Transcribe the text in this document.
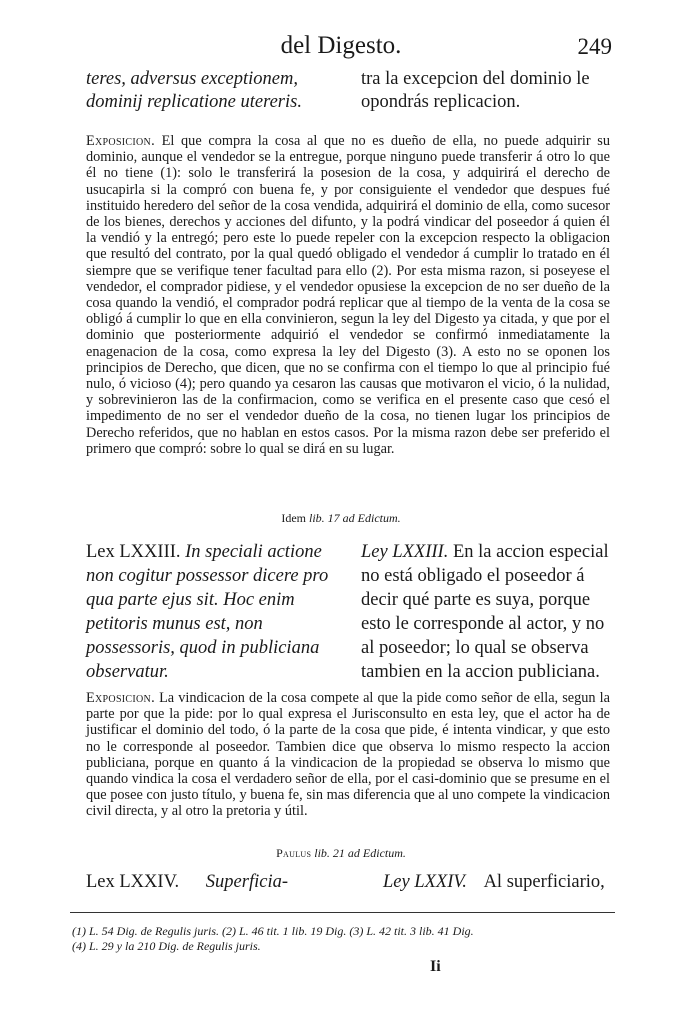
del Digesto.	249
teres, adversus exceptionem, dominij replicatione utereris.
tra la excepcion del dominio le opondrás replicacion.
Exposicion. El que compra la cosa al que no es dueño de ella, no puede adquirir su dominio, aunque el vendedor se la entregue, porque ninguno puede transferir á otro lo que él no tiene (1): solo le transferirá la posesion de la cosa, y adquirirá el derecho de usucapirla si la compró con buena fe, y por consiguiente el vendedor que despues fué instituido heredero del señor de la cosa vendida, adquirirá el dominio de ella, como sucesor de los bienes, derechos y acciones del difunto, y la podrá vindicar del poseedor á quien él la vendió y la entregó; pero este lo puede repeler con la excepcion respecto la obligacion que resultó del contrato, por la qual quedó obligado el vendedor á cumplir lo tratado en él siempre que se verifique tener facultad para ello (2). Por esta misma razon, si poseyese el vendedor, el comprador pidiese, y el vendedor opusiese la excepcion de no ser dueño de la cosa quando la vendió, el comprador podrá replicar que al tiempo de la venta de la cosa se obligó á cumplir lo que en ella convinieron, segun la ley del Digesto ya citada, y que por el dominio que posteriormente adquirió el vendedor se confirmó inmediatamente la enagenacion de la cosa, como expresa la ley del Digesto (3). A esto no se oponen los principios de Derecho, que dicen, que no se confirma con el tiempo lo que al principio fué nulo, ó vicioso (4); pero quando ya cesaron las causas que motivaron el vicio, ó la nulidad, y sobrevinieron las de la confirmacion, como se verifica en el presente caso que cesó el impedimento de no ser el vendedor dueño de la cosa, no tienen lugar los principios de Derecho referidos, que no hablan en estos casos. Por la misma razon debe ser preferido el primero que compró: sobre lo qual se dirá en su lugar.
Idem lib. 17 ad Edictum.
Lex LXXIII. In speciali actione non cogitur possessor dicere pro qua parte ejus sit. Hoc enim petitoris munus est, non possessoris, quod in publiciana observatur.
Ley LXXIII. En la accion especial no está obligado el poseedor á decir qué parte es suya, porque esto le corresponde al actor, y no al poseedor; lo qual se observa tambien en la accion publiciana.
Exposicion. La vindicacion de la cosa compete al que la pide como señor de ella, segun la parte por que la pide: por lo qual expresa el Jurisconsulto en esta ley, que el actor ha de justificar el dominio del todo, ó la parte de la cosa que pide, é intenta vindicar, y que esto no le corresponde al poseedor. Tambien dice que observa lo mismo respecto la accion publiciana, porque en quanto á la vindicacion de la propiedad se observa lo mismo que quando vindica la cosa el verdadero señor de ella, por el casi-dominio que se presume en el que posee con justo título, y buena fe, sin mas diferencia que al uno compete la vindicacion civil directa, y al otro la pretoria y útil.
Paulus lib. 21 ad Edictum.
Lex LXXIV. Superficia-	Ley LXXIV. Al superficiario,
(1) L. 54 Dig. de Regulis juris. (2) L. 46 tit. 1 lib. 19 Dig. (3) L. 42 tit. 3 lib. 41 Dig.
(4) L. 29 y la 210 Dig. de Regulis juris.
Ii
